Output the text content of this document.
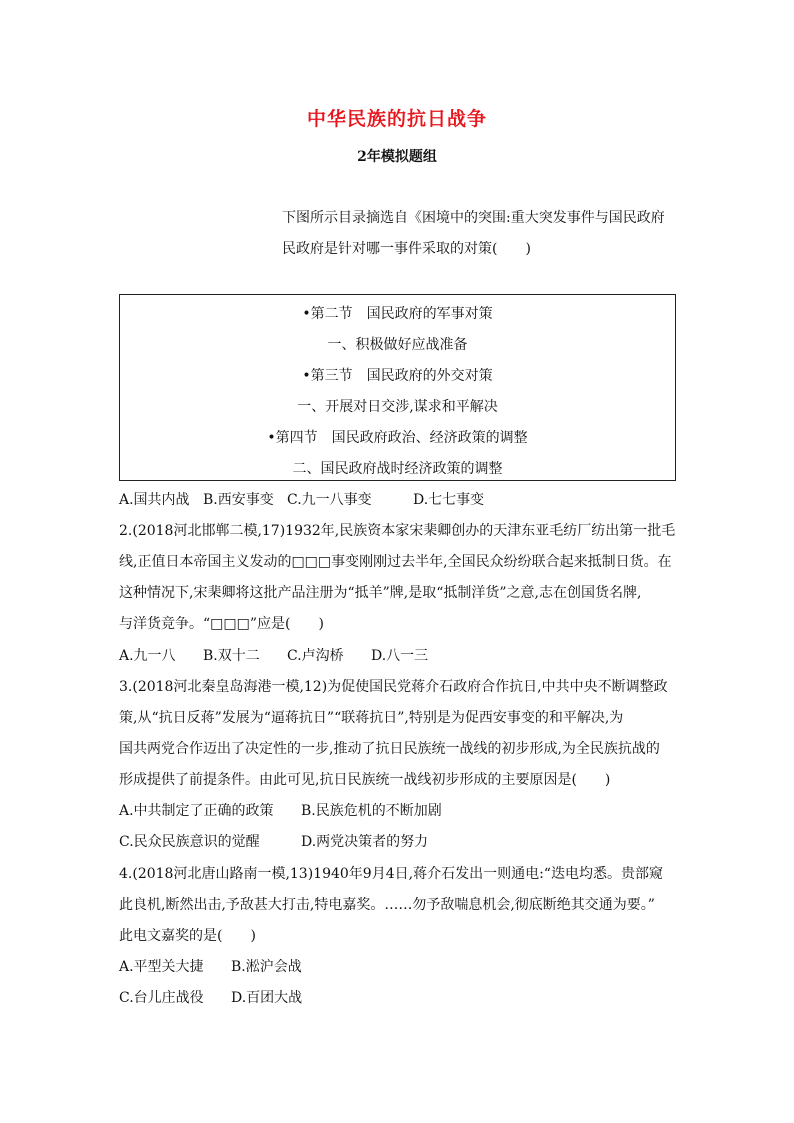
中华民族的抗日战争
2年模拟题组
下图所示目录摘选自《困境中的突围:重大突发事件与国民政府
民政府是针对哪一事件采取的对策(　　)
•第二节　国民政府的军事对策
一、积极做好应战准备
•第三节　国民政府的外交对策
一、开展对日交涉,谋求和平解决
•第四节　国民政府政治、经济政策的调整
二、国民政府战时经济政策的调整
A.国共内战 B.西安事变 C.九一八事变	D.七七事变
2.(2018河北邯郸二模,17)1932年,民族资本家宋棐卿创办的天津东亚毛纺厂纺出第一批毛
线,正值日本帝国主义发动的□□□事变刚刚过去半年,全国民众纷纷联合起来抵制日货。在
这种情况下,宋棐卿将这批产品注册为“抵羊”牌,是取“抵制洋货”之意,志在创国货名牌,
与洋货竞争。“□□□”应是(　　)
A.九一八 B.双十二 C.卢沟桥 D.八一三
3.(2018河北秦皇岛海港一模,12)为促使国民党蒋介石政府合作抗日,中共中央不断调整政
策,从“抗日反蒋”发展为“逼蒋抗日”“联蒋抗日”,特别是为促西安事变的和平解决,为
国共两党合作迈出了决定性的一步,推动了抗日民族统一战线的初步形成,为全民族抗战的
形成提供了前提条件。由此可见,抗日民族统一战线初步形成的主要原因是(　　)
A.中共制定了正确的政策 B.民族危机的不断加剧
C.民众民族意识的觉醒	D.两党决策者的努力
4.(2018河北唐山路南一模,13)1940年9月4日,蒋介石发出一则通电:“迭电均悉。贵部窥
此良机,断然出击,予敌甚大打击,特电嘉奖。……勿予敌喘息机会,彻底断绝其交通为要。”
此电文嘉奖的是(　　)
A.平型关大捷 B.淞沪会战
C.台儿庄战役 D.百团大战
